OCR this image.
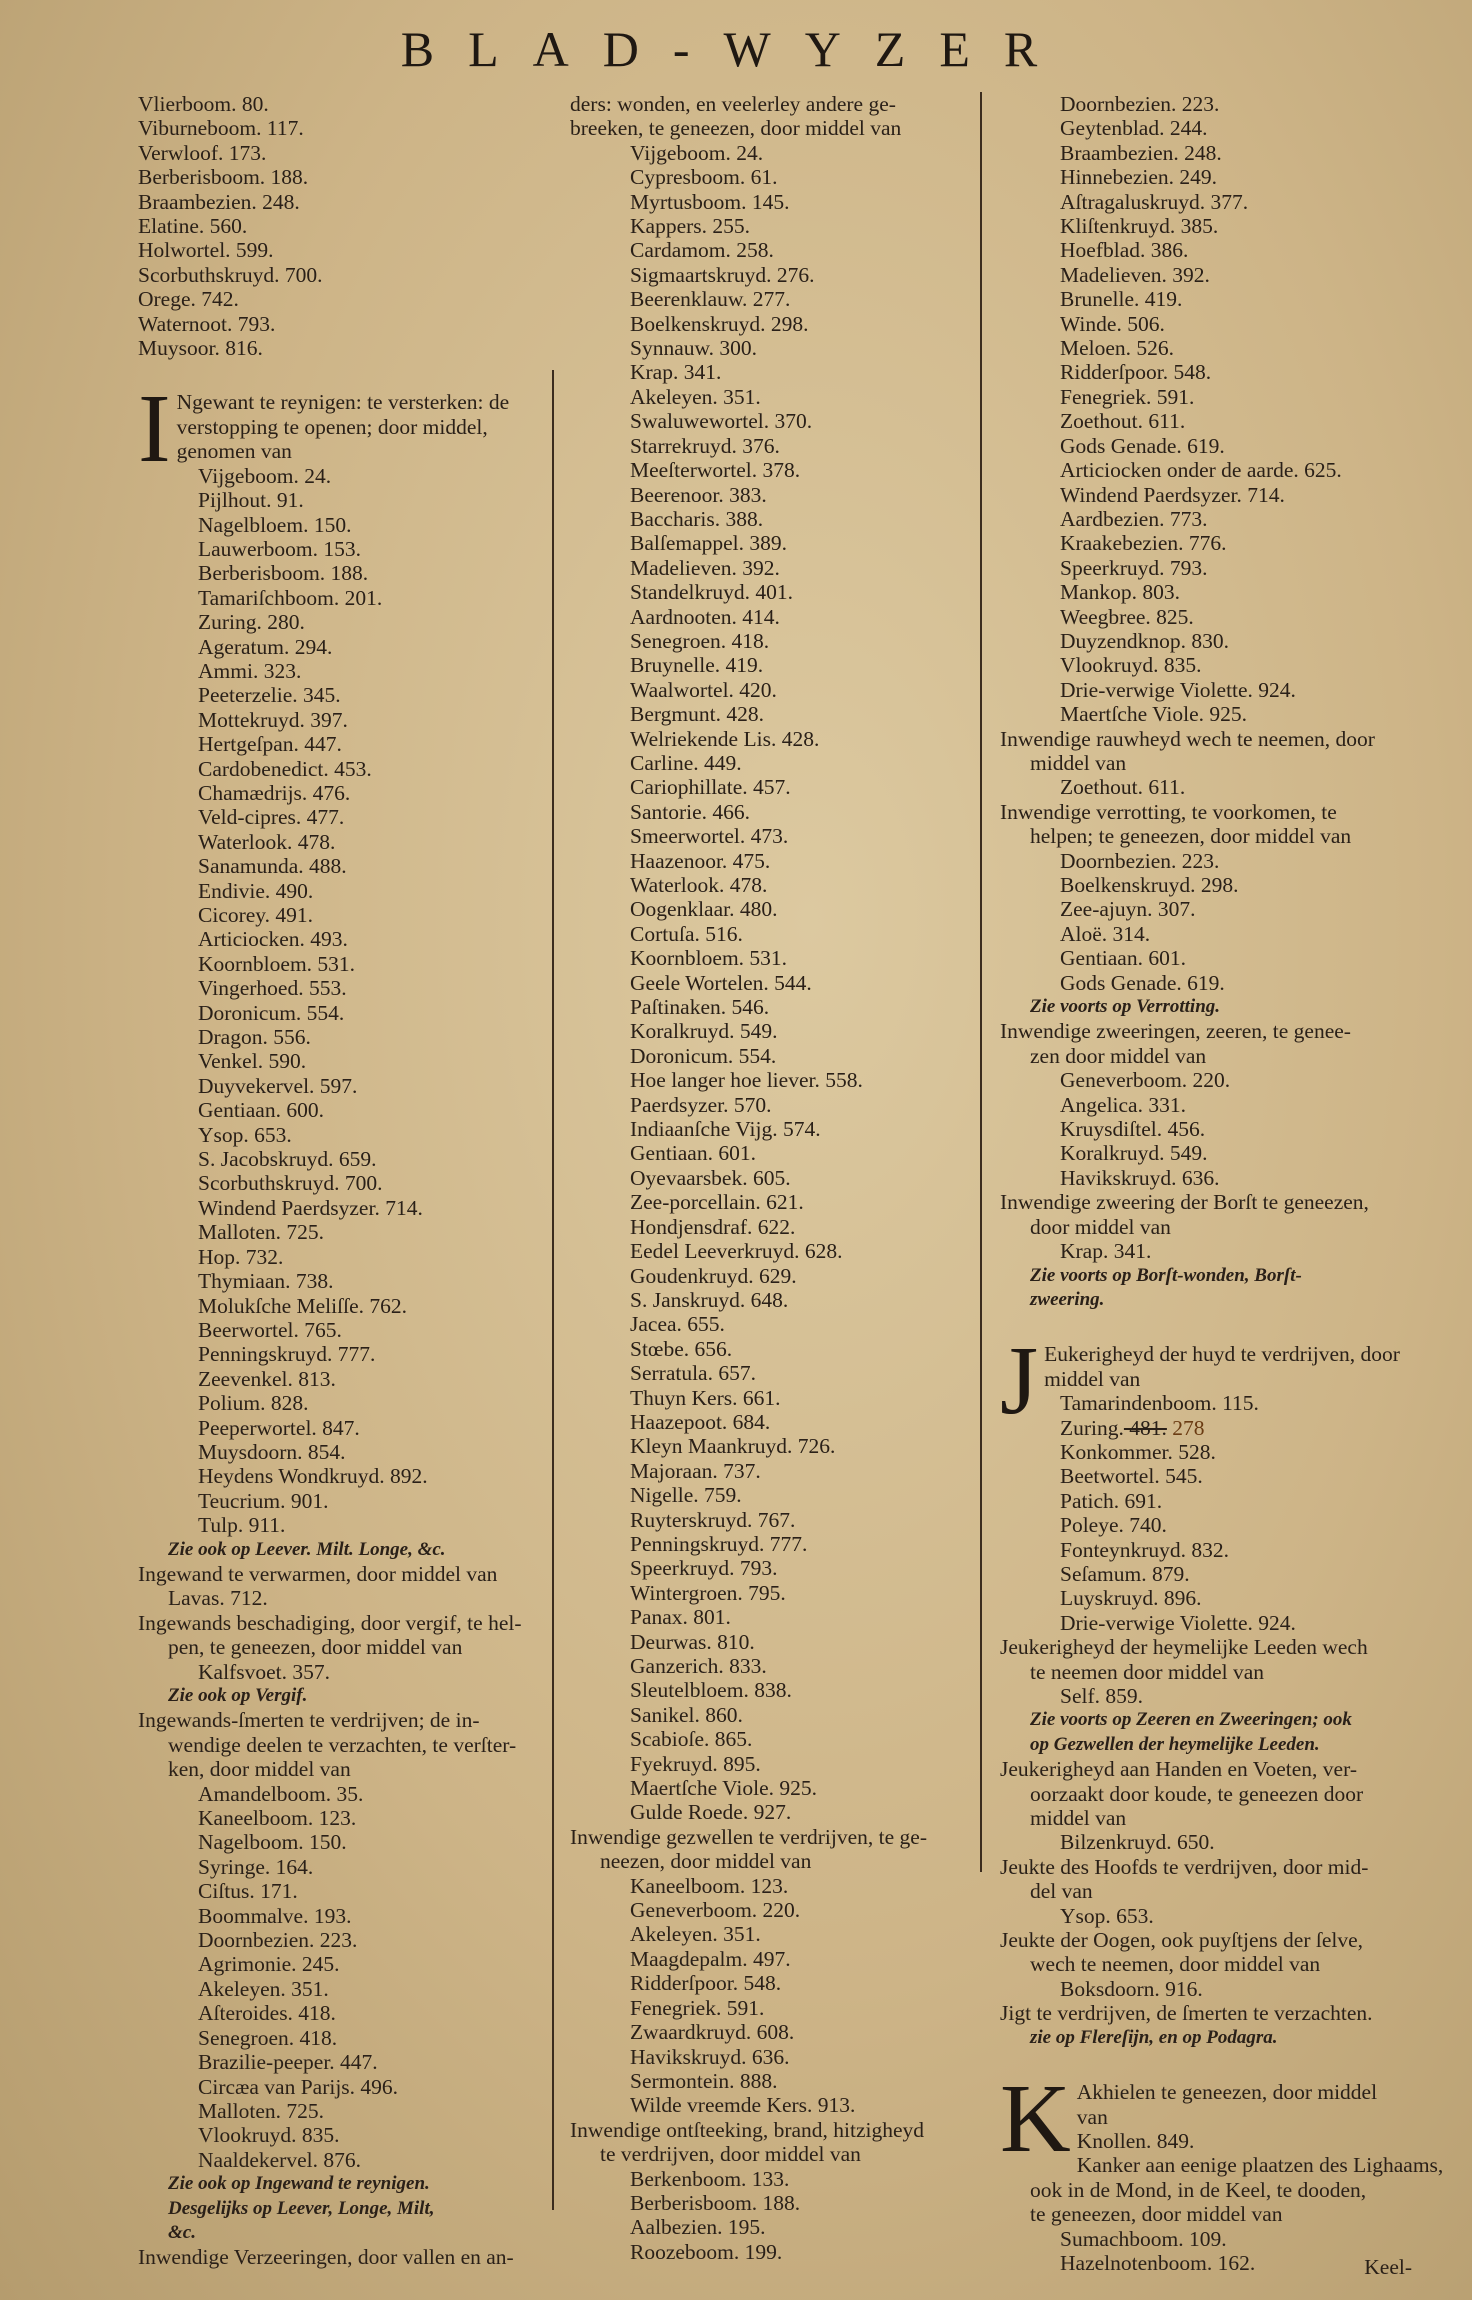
BLAD-WYZER
Vlierboom. 80.
Viburneboom. 117.
Verwloof. 173.
Berberisboom. 188.
Braambezien. 248.
Elatine. 560.
Holwortel. 599.
Scorbuthskruyd. 700.
Orege. 742.
Waternoot. 793.
Muysoor. 816.
I Ngewant te reynigen: te versterken: de
verstopping te openen; door middel,
genomen van
Vijgeboom. 24.
Pijlhout. 91.
Nagelbloem. 150.
Lauwerboom. 153.
Berberisboom. 188.
Tamariſchboom. 201.
Zuring. 280.
Ageratum. 294.
Ammi. 323.
Peeterzelie. 345.
Mottekruyd. 397.
Hertgeſpan. 447.
Cardobenedict. 453.
Chamædrijs. 476.
Veld-cipres. 477.
Waterlook. 478.
Sanamunda. 488.
Endivie. 490.
Cicorey. 491.
Articiocken. 493.
Koornbloem. 531.
Vingerhoed. 553.
Doronicum. 554.
Dragon. 556.
Venkel. 590.
Duyvekervel. 597.
Gentiaan. 600.
Ysop. 653.
S. Jacobskruyd. 659.
Scorbuthskruyd. 700.
Windend Paerdsyzer. 714.
Malloten. 725.
Hop. 732.
Thymiaan. 738.
Molukſche Meliſſe. 762.
Beerwortel. 765.
Penningskruyd. 777.
Zeevenkel. 813.
Polium. 828.
Peeperwortel. 847.
Muysdoorn. 854.
Heydens Wondkruyd. 892.
Teucrium. 901.
Tulp. 911.
Zie ook op Leever. Milt. Longe, &c.
Ingewand te verwarmen, door middel van
Lavas. 712.
Ingewands beschadiging, door vergif, te hel-
pen, te geneezen, door middel van
Kalfsvoet. 357.
Zie ook op Vergif.
Ingewands-ſmerten te verdrijven; de in-
wendige deelen te verzachten, te verſter-
ken, door middel van
Amandelboom. 35.
Kaneelboom. 123.
Nagelboom. 150.
Syringe. 164.
Ciſtus. 171.
Boommalve. 193.
Doornbezien. 223.
Agrimonie. 245.
Akeleyen. 351.
Aſteroides. 418.
Senegroen. 418.
Brazilie-peeper. 447.
Circæa van Parijs. 496.
Malloten. 725.
Vlookruyd. 835.
Naaldekervel. 876.
Zie ook op Ingewand te reynigen.
Desgelijks op Leever, Longe, Milt,
&c.
Inwendige Verzeeringen, door vallen en an-
ders: wonden, en veelerley andere ge-
breeken, te geneezen, door middel van
Vijgeboom. 24.
Cypresboom. 61.
Myrtusboom. 145.
Kappers. 255.
Cardamom. 258.
Sigmaartskruyd. 276.
Beerenklauw. 277.
Boelkenskruyd. 298.
Synnauw. 300.
Krap. 341.
Akeleyen. 351.
Swaluwewortel. 370.
Starrekruyd. 376.
Meeſterwortel. 378.
Beerenoor. 383.
Baccharis. 388.
Balſemappel. 389.
Madelieven. 392.
Standelkruyd. 401.
Aardnooten. 414.
Senegroen. 418.
Bruynelle. 419.
Waalwortel. 420.
Bergmunt. 428.
Welriekende Lis. 428.
Carline. 449.
Cariophillate. 457.
Santorie. 466.
Smeerwortel. 473.
Haazenoor. 475.
Waterlook. 478.
Oogenklaar. 480.
Cortuſa. 516.
Koornbloem. 531.
Geele Wortelen. 544.
Paſtinaken. 546.
Koralkruyd. 549.
Doronicum. 554.
Hoe langer hoe liever. 558.
Paerdsyzer. 570.
Indiaanſche Vijg. 574.
Gentiaan. 601.
Oyevaarsbek. 605.
Zee-porcellain. 621.
Hondjensdraf. 622.
Eedel Leeverkruyd. 628.
Goudenkruyd. 629.
S. Janskruyd. 648.
Jacea. 655.
Stœbe. 656.
Serratula. 657.
Thuyn Kers. 661.
Haazepoot. 684.
Kleyn Maankruyd. 726.
Majoraan. 737.
Nigelle. 759.
Ruyterskruyd. 767.
Penningskruyd. 777.
Speerkruyd. 793.
Wintergroen. 795.
Panax. 801.
Deurwas. 810.
Ganzerich. 833.
Sleutelbloem. 838.
Sanikel. 860.
Scabioſe. 865.
Fyekruyd. 895.
Maertſche Viole. 925.
Gulde Roede. 927.
Inwendige gezwellen te verdrijven, te ge-
neezen, door middel van
Kaneelboom. 123.
Geneverboom. 220.
Akeleyen. 351.
Maagdepalm. 497.
Ridderſpoor. 548.
Fenegriek. 591.
Zwaardkruyd. 608.
Havikskruyd. 636.
Sermontein. 888.
Wilde vreemde Kers. 913.
Inwendige ontſteeking, brand, hitzigheyd
te verdrijven, door middel van
Berkenboom. 133.
Berberisboom. 188.
Aalbezien. 195.
Roozeboom. 199.
Doornbezien. 223.
Geytenblad. 244.
Braambezien. 248.
Hinnebezien. 249.
Aſtragaluskruyd. 377.
Kliſtenkruyd. 385.
Hoefblad. 386.
Madelieven. 392.
Brunelle. 419.
Winde. 506.
Meloen. 526.
Ridderſpoor. 548.
Fenegriek. 591.
Zoethout. 611.
Gods Genade. 619.
Articiocken onder de aarde. 625.
Windend Paerdsyzer. 714.
Aardbezien. 773.
Kraakebezien. 776.
Speerkruyd. 793.
Mankop. 803.
Weegbree. 825.
Duyzendknop. 830.
Vlookruyd. 835.
Drie-verwige Violette. 924.
Maertſche Viole. 925.
Inwendige rauwheyd wech te neemen, door
middel van
Zoethout. 611.
Inwendige verrotting, te voorkomen, te
helpen; te geneezen, door middel van
Doornbezien. 223.
Boelkenskruyd. 298.
Zee-ajuyn. 307.
Aloë. 314.
Gentiaan. 601.
Gods Genade. 619.
Zie voorts op Verrotting.
Inwendige zweeringen, zeeren, te genee-
zen door middel van
Geneverboom. 220.
Angelica. 331.
Kruysdiſtel. 456.
Koralkruyd. 549.
Havikskruyd. 636.
Inwendige zweering der Borſt te geneezen,
door middel van
Krap. 341.
Zie voorts op Borſt-wonden, Borſt-
zweering.
J Eukerigheyd der huyd te verdrijven, door
middel van
Tamarindenboom. 115.
Zuring. 481. 278
Konkommer. 528.
Beetwortel. 545.
Patich. 691.
Poleye. 740.
Fonteynkruyd. 832.
Seſamum. 879.
Luyskruyd. 896.
Drie-verwige Violette. 924.
Jeukerigheyd der heymelijke Leeden wech
te neemen door middel van
Self. 859.
Zie voorts op Zeeren en Zweeringen; ook
op Gezwellen der heymelijke Leeden.
Jeukerigheyd aan Handen en Voeten, ver-
oorzaakt door koude, te geneezen door
middel van
Bilzenkruyd. 650.
Jeukte des Hoofds te verdrijven, door mid-
del van
Ysop. 653.
Jeukte der Oogen, ook puyſtjens der ſelve,
wech te neemen, door middel van
Boksdoorn. 916.
Jigt te verdrijven, de ſmerten te verzachten.
zie op Flereſijn, en op Podagra.
K Akhielen te geneezen, door middel
van
Knollen. 849.
Kanker aan eenige plaatzen des Lighaams,
ook in de Mond, in de Keel, te dooden,
te geneezen, door middel van
Sumachboom. 109.
Hazelnotenboom. 162.	Keel-
